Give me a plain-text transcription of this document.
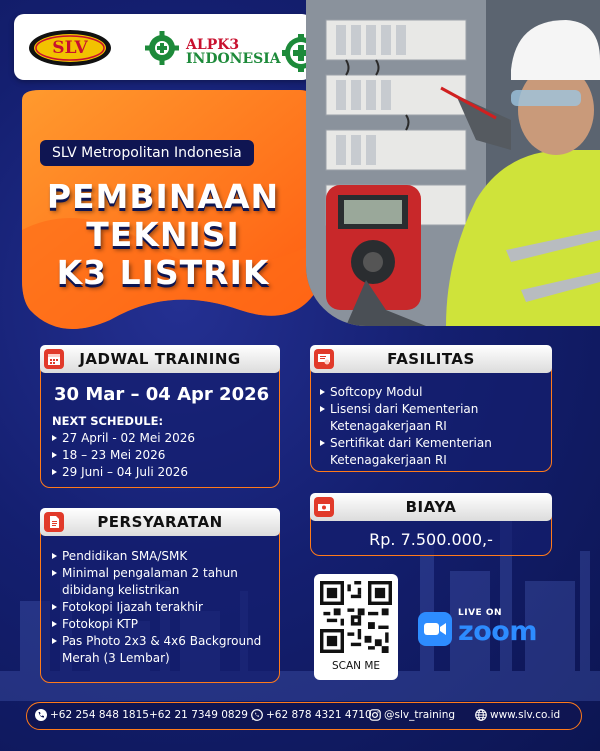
SLV	ALPK3
INDONESIA
SLV Metropolitan Indonesia
PEMBINAAN
TEKNISI
K3 LISTRIK
JADWAL TRAINING
30 Mar – 04 Apr 2026
NEXT SCHEDULE:
27 April - 02 Mei 2026
18 – 23 Mei 2026
29 Juni – 04 Juli 2026
FASILITAS
Softcopy Modul
Lisensi dari Kementerian
Ketenagakerjaan RI
Sertifikat dari Kementerian
Ketenagakerjaan RI
BIAYA
Rp. 7.500.000,-
PERSYARATAN
Pendidikan SMA/SMK
Minimal pengalaman 2 tahun
dibidang kelistrikan
Fotokopi Ijazah terakhir
Fotokopi KTP
Pas Photo 2x3 & 4x6 Background
Merah (3 Lembar)
SCAN ME
LIVE ON
zoom
+62 254 848 1815 +62 21 7349 0829	+62 878 4321 4710	@slv_training	www.slv.co.id
